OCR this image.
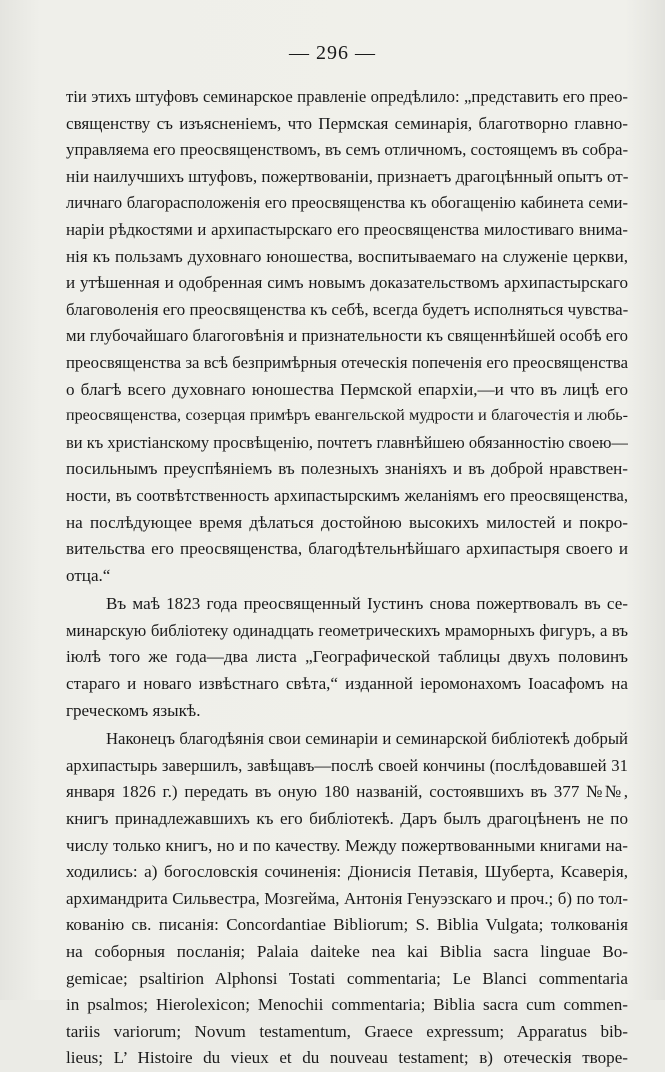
— 296 —
тіи этихъ штуфовъ семинарское правленіе опредѣлило: „представить его прео-
священству съ изъясненіемъ, что Пермская семинарія, благотворно главно-
управляема его преосвященствомъ, въ семъ отличномъ, состоящемъ въ собра-
ніи наилучшихъ штуфовъ, пожертвованіи, признаетъ драгоцѣнный опытъ от-
личнаго благорасположенія его преосвященства къ обогащенію кабинета семи-
наріи рѣдкостями и архипастырскаго его преосвященства милостиваго внима-
нія къ пользамъ духовнаго юношества, воспитываемаго на служеніе церкви,
и утѣшенная и одобренная симъ новымъ доказательствомъ архипастырскаго
благоволенія его преосвященства къ себѣ, всегда будетъ исполняться чувства-
ми глубочайшаго благоговѣнія и признательности къ священнѣйшей особѣ его
преосвященства за всѣ безпримѣрныя отеческія попеченія его преосвященства
о благѣ всего духовнаго юношества Пермской епархіи,—и что въ лицѣ его
преосвященства, созерцая примѣръ евангельской мудрости и благочестія и любь-
ви къ христіанскому просвѣщенію, почтетъ главнѣйшею обязанностію своею—
посильнымъ преуспѣяніемъ въ полезныхъ знаніяхъ и въ доброй нравствен-
ности, въ соотвѣтственность архипастырскимъ желаніямъ его преосвященства,
на послѣдующее время дѣлаться достойною высокихъ милостей и покро-
вительства его преосвященства, благодѣтельнѣйшаго архипастыря своего и
отца.“
Въ маѣ 1823 года преосвященный Іустинъ снова пожертвовалъ въ се-
минарскую библіотеку одинадцать геометрическихъ мраморныхъ фигуръ, а въ
іюлѣ того же года—два листа „Географической таблицы двухъ половинъ
стараго и новаго извѣстнаго свѣта,“ изданной іеромонахомъ Іоасафомъ на
греческомъ языкѣ.
Наконецъ благодѣянія свои семинаріи и семинарской библіотекѣ добрый
архипастырь завершилъ, завѣщавъ—послѣ своей кончины (послѣдовавшей 31
января 1826 г.) передать въ оную 180 названій, состоявшихъ въ 377 №№,
книгъ принадлежавшихъ къ его библіотекѣ. Даръ былъ драгоцѣненъ не по
числу только книгъ, но и по качеству. Между пожертвованными книгами на-
ходились: а) богословскія сочиненія: Діонисія Петавія, Шуберта, Ксаверія,
архимандрита Сильвестра, Мозгейма, Антонія Генуэзскаго и проч.; б) по тол-
кованію св. писанія: Concordantiae Bibliorum; S. Biblia Vulgata; толкованія
на соборныя посланія; Palaia daiteke nea kai Biblia sacra linguae Bo-
gemicae; psaltirion Alphonsi Tostati commentaria; Le Blanci commentaria
in psalmos; Hierolexicon; Menochii commentaria; Biblia sacra cum commen-
tariis variorum; Novum testamentum, Graece expressum; Apparatus bib-
lieus; L’ Histoire du vieux et du nouveau testament; в) отеческія творе-
